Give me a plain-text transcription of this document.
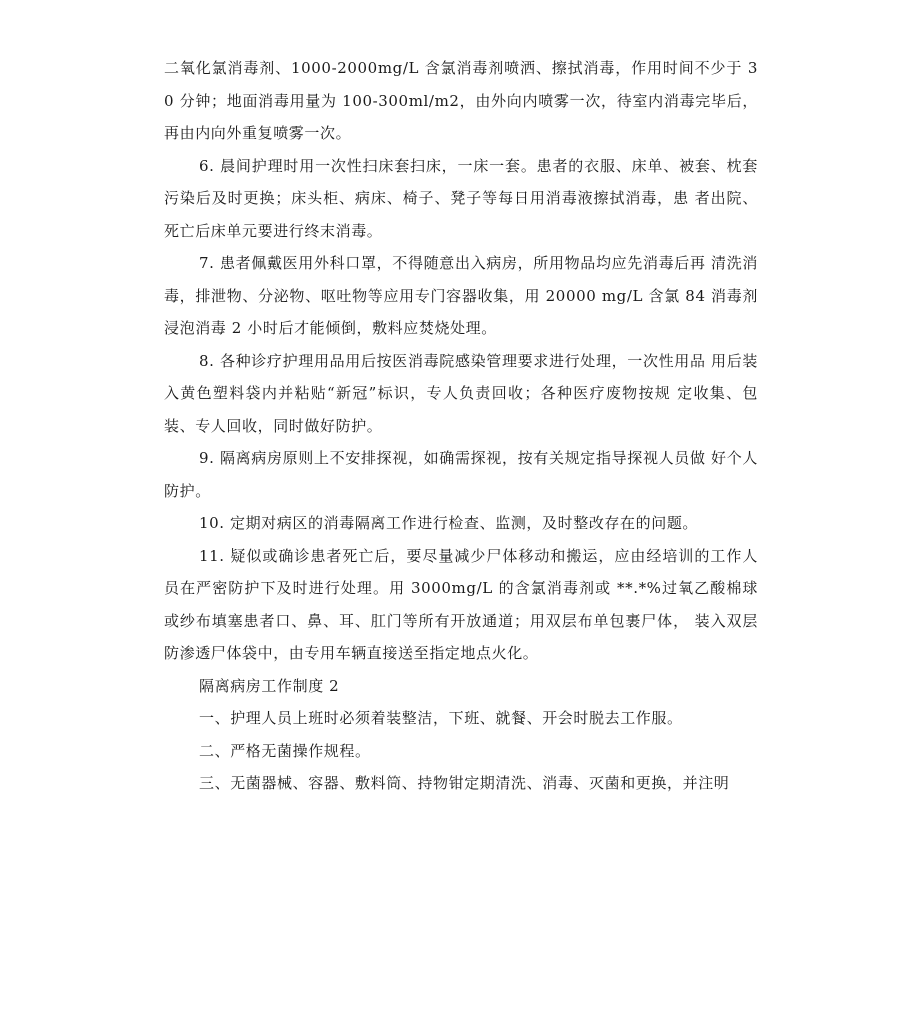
二氧化氯消毒剂、1000-2000mg/L 含氯消毒剂喷洒、擦拭消毒，作用时间不少于 30 分钟；地面消毒用量为 100-300ml/m2，由外向内喷雾一次，待室内消毒完毕后， 再由内向外重复喷雾一次。

6. 晨间护理时用一次性扫床套扫床，一床一套。患者的衣服、床单、被套、枕套污染后及时更换；床头柜、病床、椅子、凳子等每日用消毒液擦拭消毒，患 者出院、死亡后床单元要进行终末消毒。

7. 患者佩戴医用外科口罩，不得随意出入病房，所用物品均应先消毒后再 清洗消毒，排泄物、分泌物、呕吐物等应用专门容器收集，用 20000 mg/L 含氯 84 消毒剂浸泡消毒 2 小时后才能倾倒，敷料应焚烧处理。

8. 各种诊疗护理用品用后按医消毒院感染管理要求进行处理，一次性用品 用后装入黄色塑料袋内并粘贴“新冠”标识，专人负责回收；各种医疗废物按规 定收集、包装、专人回收，同时做好防护。

9. 隔离病房原则上不安排探视，如确需探视，按有关规定指导探视人员做 好个人防护。

10. 定期对病区的消毒隔离工作进行检查、监测，及时整改存在的问题。

11. 疑似或确诊患者死亡后，要尽量减少尸体移动和搬运，应由经培训的工作人员在严密防护下及时进行处理。用 3000mg/L 的含氯消毒剂或 **.*%过氧乙酸棉球或纱布填塞患者口、鼻、耳、肛门等所有开放通道；用双层布单包裹尸体， 装入双层防渗透尸体袋中，由专用车辆直接送至指定地点火化。

隔离病房工作制度 2

一、护理人员上班时必须着装整洁，下班、就餐、开会时脱去工作服。

二、严格无菌操作规程。

三、无菌器械、容器、敷料筒、持物钳定期清洗、消毒、灭菌和更换，并注明
